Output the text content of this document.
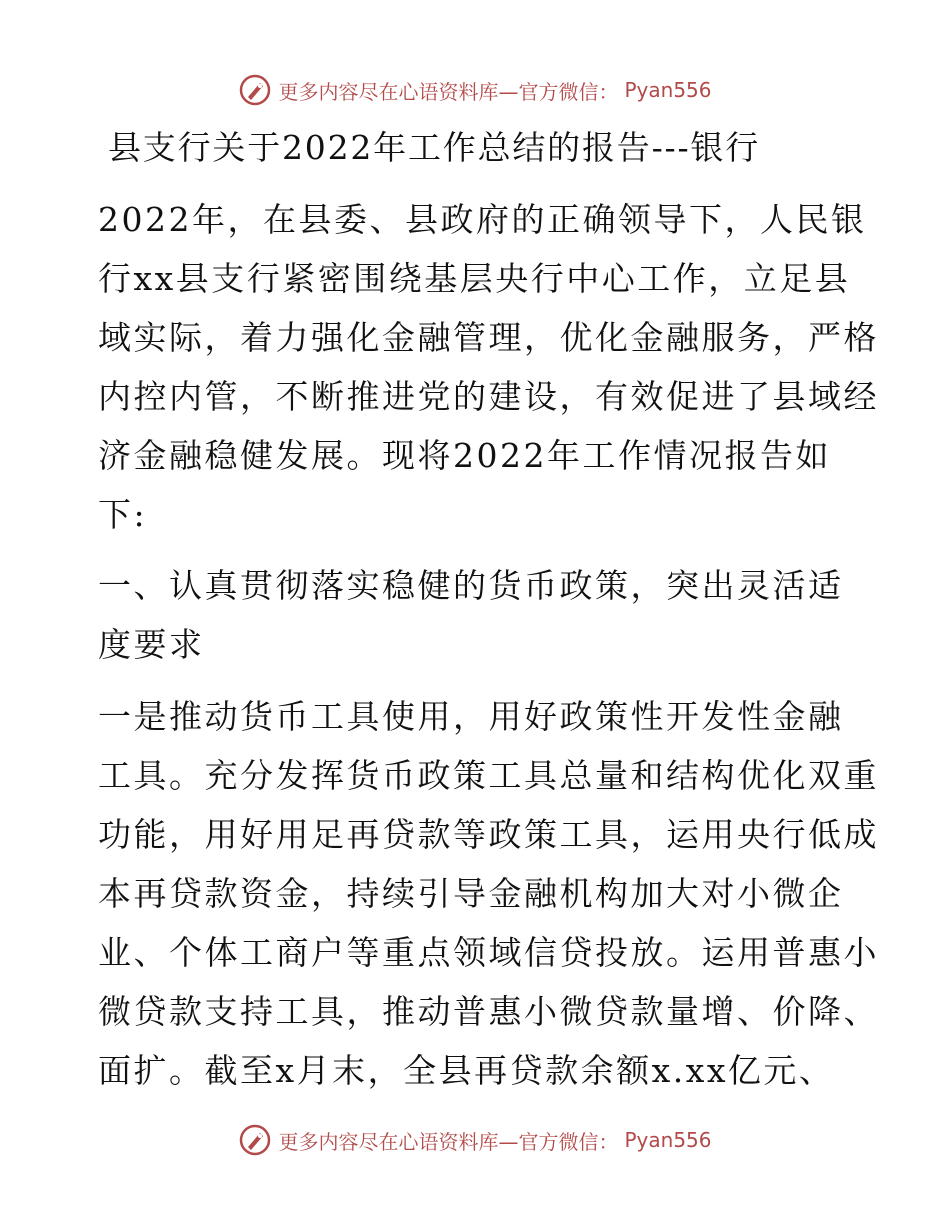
更多内容尽在心语资料库—官方微信： Pyan556
县支行关于2022年工作总结的报告---银行
2022年，在县委、县政府的正确领导下，人民银
行xx县支行紧密围绕基层央行中心工作，立足县
域实际，着力强化金融管理，优化金融服务，严格
内控内管，不断推进党的建设，有效促进了县域经
济金融稳健发展。现将2022年工作情况报告如
下:
一、认真贯彻落实稳健的货币政策，突出灵活适
度要求
一是推动货币工具使用，用好政策性开发性金融
工具。充分发挥货币政策工具总量和结构优化双重
功能，用好用足再贷款等政策工具，运用央行低成
本再贷款资金，持续引导金融机构加大对小微企
业、个体工商户等重点领域信贷投放。运用普惠小
微贷款支持工具，推动普惠小微贷款量增、价降、
面扩。截至x月末，全县再贷款余额x.xx亿元、
更多内容尽在心语资料库—官方微信： Pyan556
